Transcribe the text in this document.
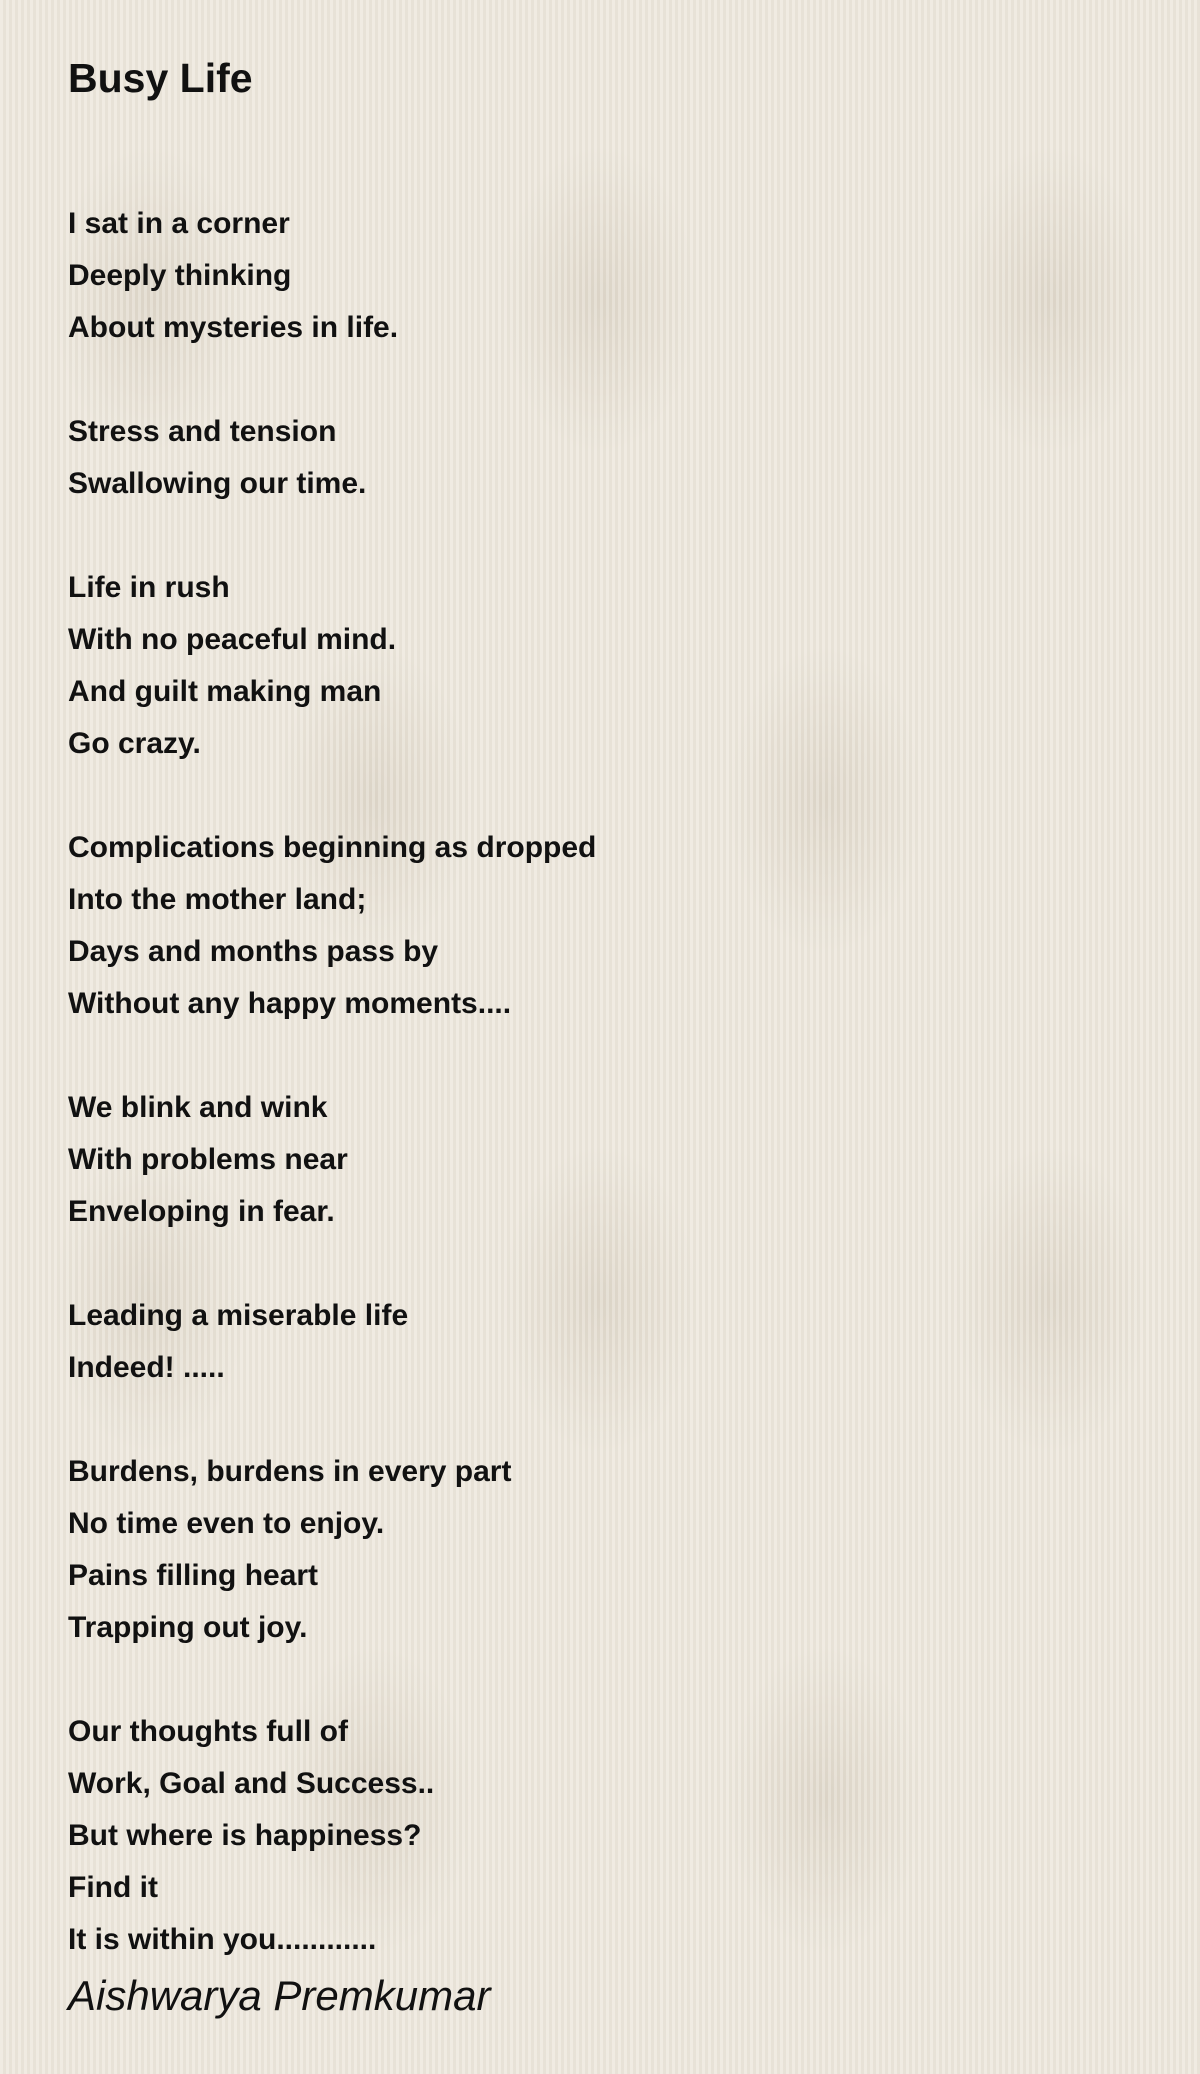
Busy Life
I sat in a corner
Deeply thinking
About mysteries in life.
Stress and tension
Swallowing our time.
Life in rush
With no peaceful mind.
And guilt making man
Go crazy.
Complications beginning as dropped
Into the mother land;
Days and months pass by
Without any happy moments....
We blink and wink
With problems near
Enveloping in fear.
Leading a miserable life
Indeed! .....
Burdens, burdens in every part
No time even to enjoy.
Pains filling heart
Trapping out joy.
Our thoughts full of
Work, Goal and Success..
But where is happiness?
Find it
It is within you............

Aishwarya Premkumar
